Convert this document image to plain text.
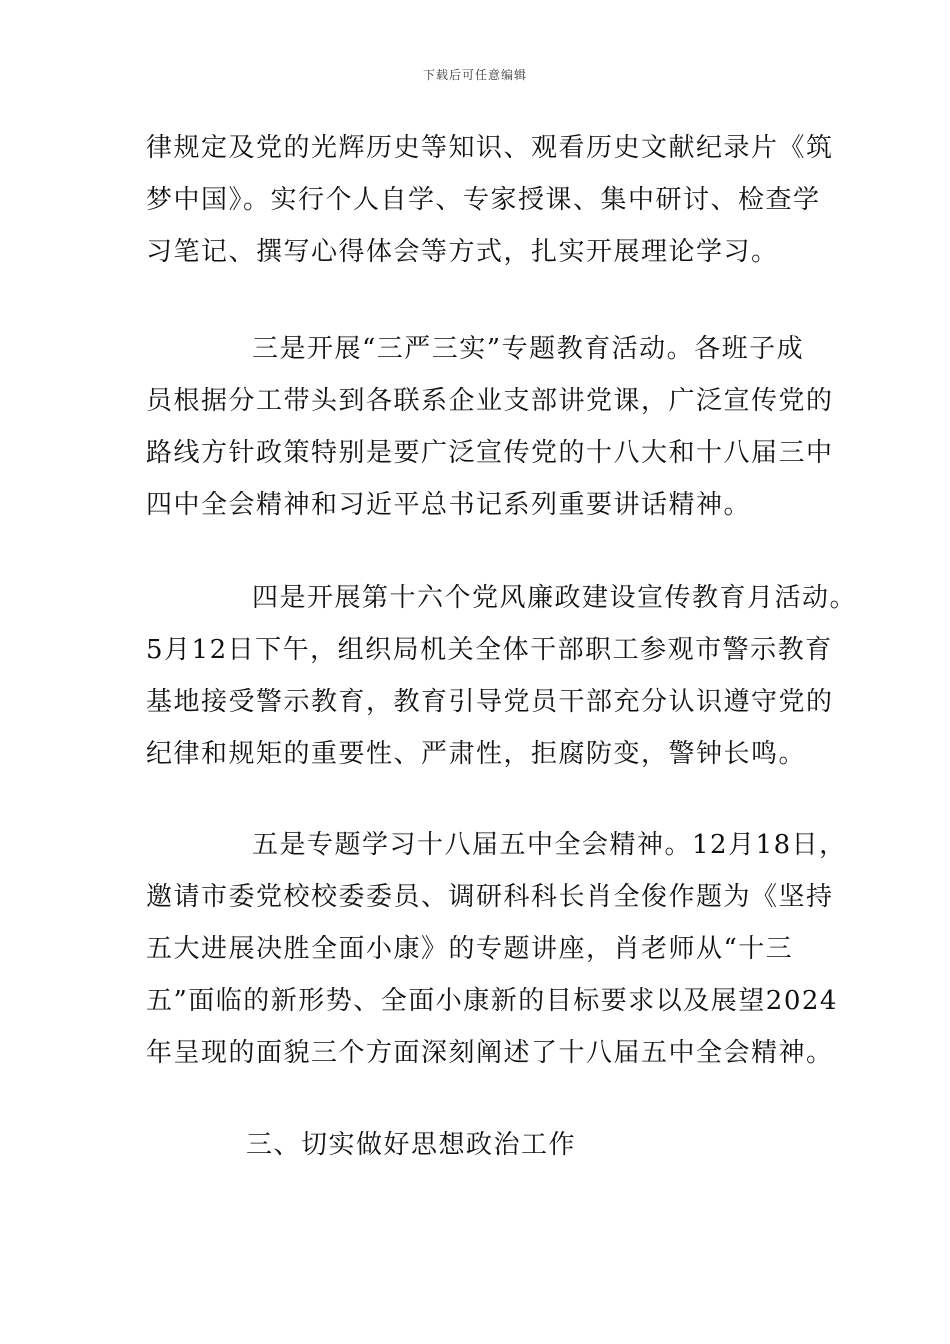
下载后可任意编辑
律规定及党的光辉历史等知识、观看历史文献纪录片《筑
梦中国》。实行个人自学、专家授课、集中研讨、检查学
习笔记、撰写心得体会等方式，扎实开展理论学习。
三是开展“三严三实”专题教育活动。各班子成
员根据分工带头到各联系企业支部讲党课，广泛宣传党的
路线方针政策特别是要广泛宣传党的十八大和十八届三中
四中全会精神和习近平总书记系列重要讲话精神。
四是开展第十六个党风廉政建设宣传教育月活动。
5月12日下午，组织局机关全体干部职工参观市警示教育
基地接受警示教育，教育引导党员干部充分认识遵守党的
纪律和规矩的重要性、严肃性，拒腐防变，警钟长鸣。
五是专题学习十八届五中全会精神。12月18日，
邀请市委党校校委委员、调研科科长肖全俊作题为《坚持
五大进展决胜全面小康》的专题讲座，肖老师从“十三
五”面临的新形势、全面小康新的目标要求以及展望2024
年呈现的面貌三个方面深刻阐述了十八届五中全会精神。
三、切实做好思想政治工作
